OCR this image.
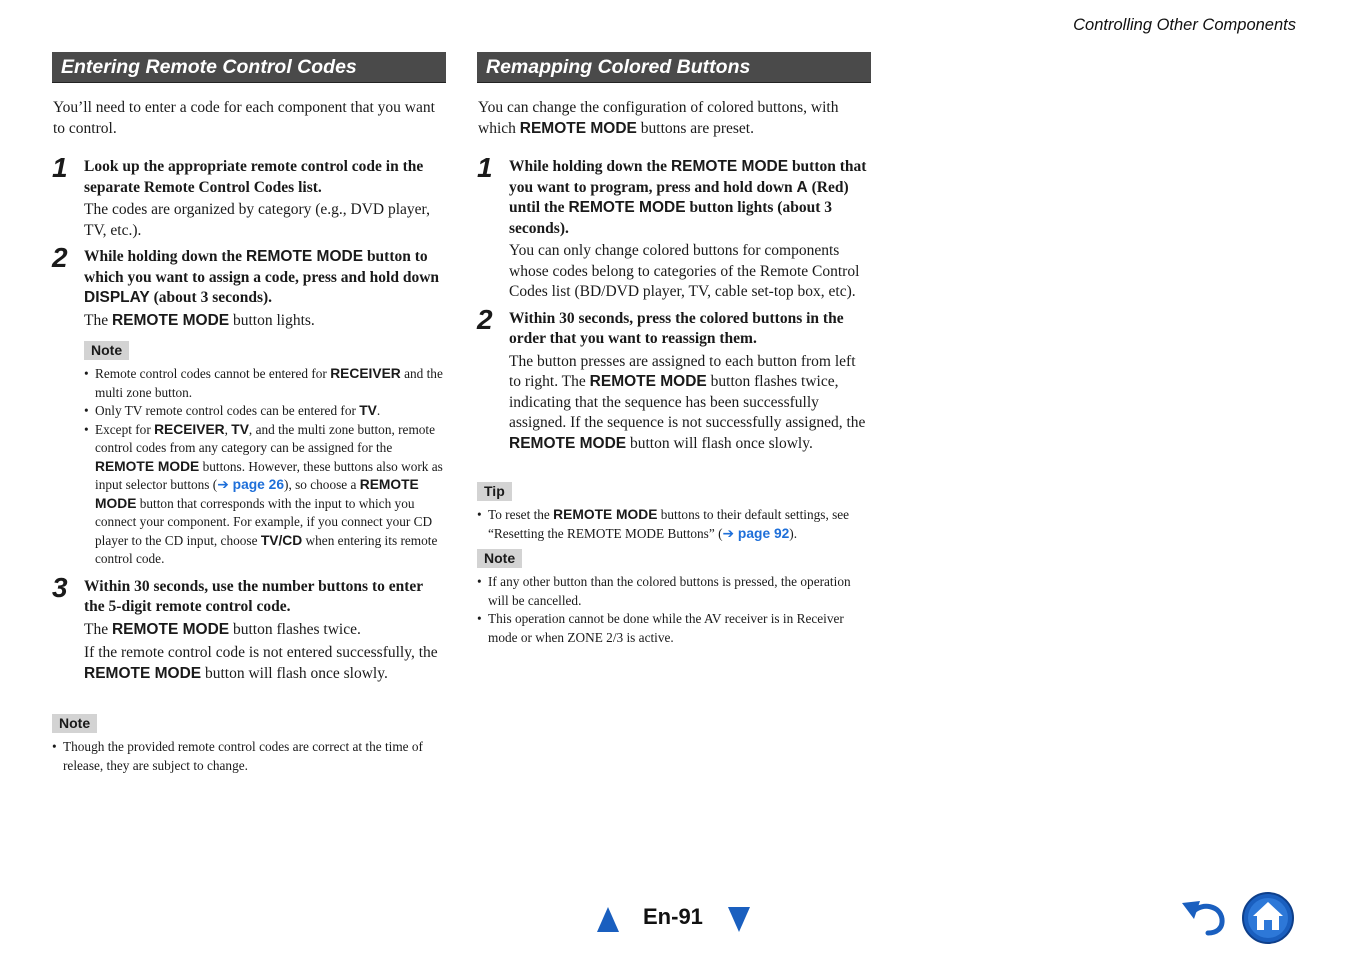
Controlling Other Components
Entering Remote Control Codes
You’ll need to enter a code for each component that you want to control.
1 Look up the appropriate remote control code in the separate Remote Control Codes list.
The codes are organized by category (e.g., DVD player, TV, etc.).
2 While holding down the REMOTE MODE button to which you want to assign a code, press and hold down DISPLAY (about 3 seconds).
The REMOTE MODE button lights.
Note
• Remote control codes cannot be entered for RECEIVER and the multi zone button.
• Only TV remote control codes can be entered for TV.
• Except for RECEIVER, TV, and the multi zone button, remote control codes from any category can be assigned for the REMOTE MODE buttons. However, these buttons also work as input selector buttons (➔ page 26), so choose a REMOTE MODE button that corresponds with the input to which you connect your component. For example, if you connect your CD player to the CD input, choose TV/CD when entering its remote control code.
3 Within 30 seconds, use the number buttons to enter the 5-digit remote control code.

The REMOTE MODE button flashes twice.

If the remote control code is not entered successfully, the REMOTE MODE button will flash once slowly.

Note
• Though the provided remote control codes are correct at the time of release, they are subject to change.
Remapping Colored Buttons
You can change the configuration of colored buttons, with which REMOTE MODE buttons are preset.
1 While holding down the REMOTE MODE button that you want to program, press and hold down A (Red) until the REMOTE MODE button lights (about 3 seconds).
You can only change colored buttons for components whose codes belong to categories of the Remote Control Codes list (BD/DVD player, TV, cable set-top box, etc).
2 Within 30 seconds, press the colored buttons in the order that you want to reassign them.
The button presses are assigned to each button from left to right. The REMOTE MODE button flashes twice, indicating that the sequence has been successfully assigned. If the sequence is not successfully assigned, the REMOTE MODE button will flash once slowly.
Tip
• To reset the REMOTE MODE buttons to their default settings, see “Resetting the REMOTE MODE Buttons” (➔ page 92).
Note
• If any other button than the colored buttons is pressed, the operation will be cancelled.
• This operation cannot be done while the AV receiver is in Receiver mode or when ZONE 2/3 is active.
En-91
